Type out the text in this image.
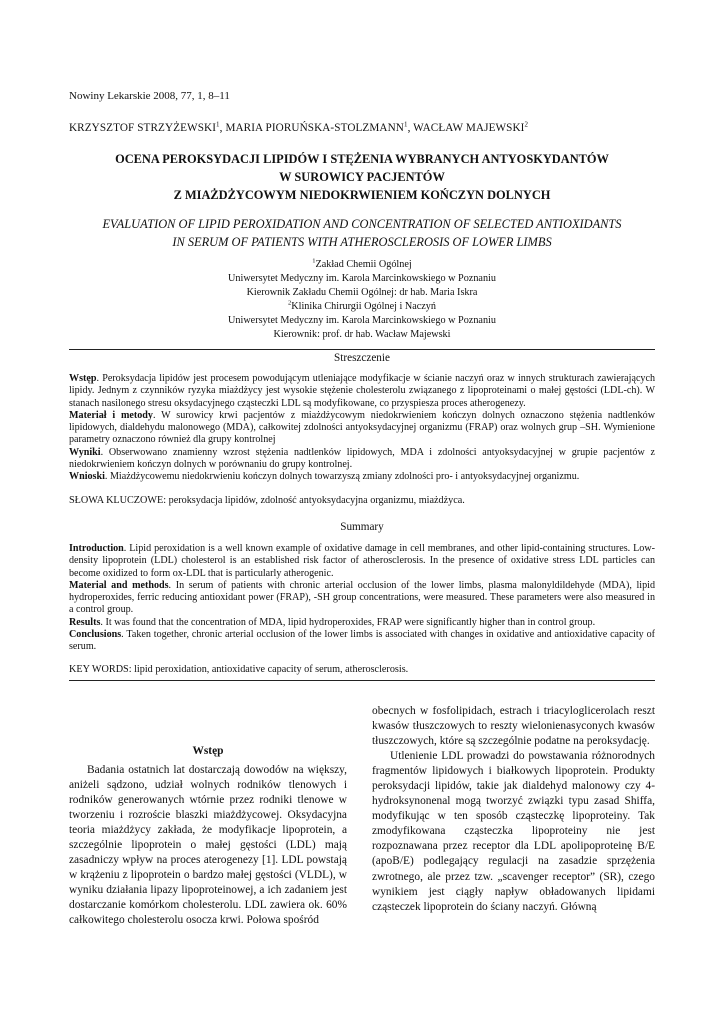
Nowiny Lekarskie 2008, 77, 1, 8–11
KRZYSZTOF STRZYŻEWSKI$^1$, MARIA PIORUŃSKA-STOLZMANN$^1$, WACŁAW MAJEWSKI$^2$
OCENA PEROKSYDACJI LIPIDÓW I STĘŻENIA WYBRANYCH ANTYOSKYDANTÓW
W SUROWICY PACJENTÓW
Z MIAŻDŻYCOWYM NIEDOKRWIENIEM KOŃCZYN DOLNYCH
EVALUATION OF LIPID PEROXIDATION AND CONCENTRATION OF SELECTED ANTIOXIDANTS
IN SERUM OF PATIENTS WITH ATHEROSCLEROSIS OF LOWER LIMBS
$^1$Zakład Chemii Ogólnej
Uniwersytet Medyczny im. Karola Marcinkowskiego w Poznaniu
Kierownik Zakładu Chemii Ogólnej: dr hab. Maria Iskra
$^2$Klinika Chirurgii Ogólnej i Naczyń
Uniwersytet Medyczny im. Karola Marcinkowskiego w Poznaniu
Kierownik: prof. dr hab. Wacław Majewski
Streszczenie

Wstęp. Peroksydacja lipidów jest procesem powodującym utleniające modyfikacje w ścianie naczyń oraz w innych strukturach zawierających lipidy. Jednym z czynników ryzyka miażdżycy jest wysokie stężenie cholesterolu związanego z lipoproteinami o małej gęstości (LDL-ch). W stanach nasilonego stresu oksydacyjnego cząsteczki LDL są modyfikowane, co przyspiesza proces atherogenezy.

Materiał i metody. W surowicy krwi pacjentów z miażdżycowym niedokrwieniem kończyn dolnych oznaczono stężenia nadtlenków lipidowych, dialdehydu malonowego (MDA), całkowitej zdolności antyoksydacyjnej organizmu (FRAP) oraz wolnych grup –SH. Wymienione parametry oznaczono również dla grupy kontrolnej

Wyniki. Obserwowano znamienny wzrost stężenia nadtlenków lipidowych, MDA i zdolności antyoksydacyjnej w grupie pacjentów z niedokrwieniem kończyn dolnych w porównaniu do grupy kontrolnej.

Wnioski. Miażdżycowemu niedokrwieniu kończyn dolnych towarzyszą zmiany zdolności pro- i antyoksydacyjnej organizmu.

SŁOWA KLUCZOWE: peroksydacja lipidów, zdolność antyoksydacyjna organizmu, miażdżyca.
Summary

Introduction. Lipid peroxidation is a well known example of oxidative damage in cell membranes, and other lipid-containing structures. Low-density lipoprotein (LDL) cholesterol is an established risk factor of atherosclerosis. In the presence of oxidative stress LDL particles can become oxidized to form ox-LDL that is particularly atherogenic.

Material and methods. In serum of patients with chronic arterial occlusion of the lower limbs, plasma malonyldildehyde (MDA), lipid hydroperoxides, ferric reducing antioxidant power (FRAP), -SH group concentrations, were measured. These parameters were also measured in a control group.

Results. It was found that the concentration of MDA, lipid hydroperoxides, FRAP were significantly higher than in control group.

Conclusions. Taken together, chronic arterial occlusion of the lower limbs is associated with changes in oxidative and antioxidative capacity of serum.

KEY WORDS: lipid peroxidation, antioxidative capacity of serum, atherosclerosis.
Wstęp

Badania ostatnich lat dostarczają dowodów na większy, aniżeli sądzono, udział wolnych rodników tlenowych i rodników generowanych wtórnie przez rodniki tlenowe w tworzeniu i rozroście blaszki miażdżycowej. Oksydacyjna teoria miażdżycy zakłada, że modyfikacje lipoprotein, a szczególnie lipoprotein o małej gęstości (LDL) mają zasadniczy wpływ na proces aterogenezy [1]. LDL powstają w krążeniu z lipoprotein o bardzo małej gęstości (VLDL), w wyniku działania lipazy lipoproteinowej, a ich zadaniem jest dostarczanie komórkom cholesterolu. LDL zawiera ok. 60% całkowitego cholesterolu osocza krwi. Połowa spośród

obecnych w fosfolipidach, estrach i triacyloglicerolach reszt kwasów tłuszczowych to reszty wielonienasyconych kwasów tłuszczowych, które są szczególnie podatne na peroksydację.

Utlenienie LDL prowadzi do powstawania różnorodnych fragmentów lipidowych i białkowych lipoprotein. Produkty peroksydacji lipidów, takie jak dialdehyd malonowy czy 4-hydroksynonenal mogą tworzyć związki typu zasad Shiffa, modyfikując w ten sposób cząsteczkę lipoproteiny. Tak zmodyfikowana cząsteczka lipoproteiny nie jest rozpoznawana przez receptor dla LDL apolipoproteinę B/E (apoB/E) podlegający regulacji na zasadzie sprzężenia zwrotnego, ale przez tzw. „scavenger receptor” (SR), czego wynikiem jest ciągły napływ obładowanych lipidami cząsteczek lipoprotein do ściany naczyń. Główną
